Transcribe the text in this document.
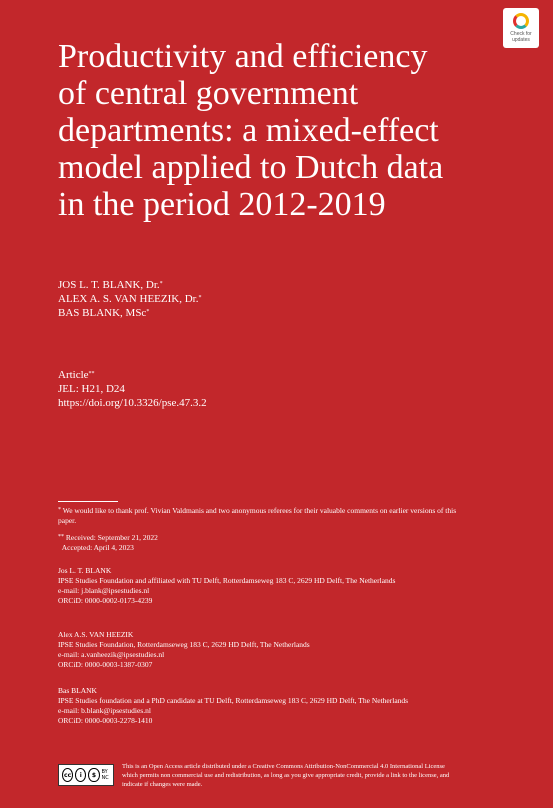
Check for
updates
Productivity and efficiency of central government departments: a mixed-effect model applied to Dutch data in the period 2012-2019
JOS L. T. BLANK, Dr.*
ALEX A. S. VAN HEEZIK, Dr.*
BAS BLANK, MSc*
Article**
JEL: H21, D24
https://doi.org/10.3326/pse.47.3.2
* We would like to thank prof. Vivian Valdmanis and two anonymous referees for their valuable comments on earlier versions of this paper.
** Received: September 21, 2022
Accepted: April 4, 2023
Jos L. T. BLANK
IPSE Studies Foundation and affiliated with TU Delft, Rotterdamseweg 183 C, 2629 HD Delft, The Netherlands
e-mail: j.blank@ipsestudies.nl
ORCiD: 0000-0002-0173-4239
Alex A.S. VAN HEEZIK
IPSE Studies Foundation, Rotterdamseweg 183 C, 2629 HD Delft, The Netherlands
e-mail: a.vanheezik@ipsestudies.nl
ORCiD: 0000-0003-1387-0307
Bas BLANK
IPSE Studies foundation and a PhD candidate at TU Delft, Rotterdamseweg 183 C, 2629 HD Delft, The Netherlands
e-mail: b.blank@ipsestudies.nl
ORCiD: 0000-0003-2278-1410
cc	i	$	BY NC
This is an Open Access article distributed under a Creative Commons Attribution-NonCommercial 4.0 International License which permits non commercial use and redistribution, as long as you give appropriate credit, provide a link to the license, and indicate if changes were made.
